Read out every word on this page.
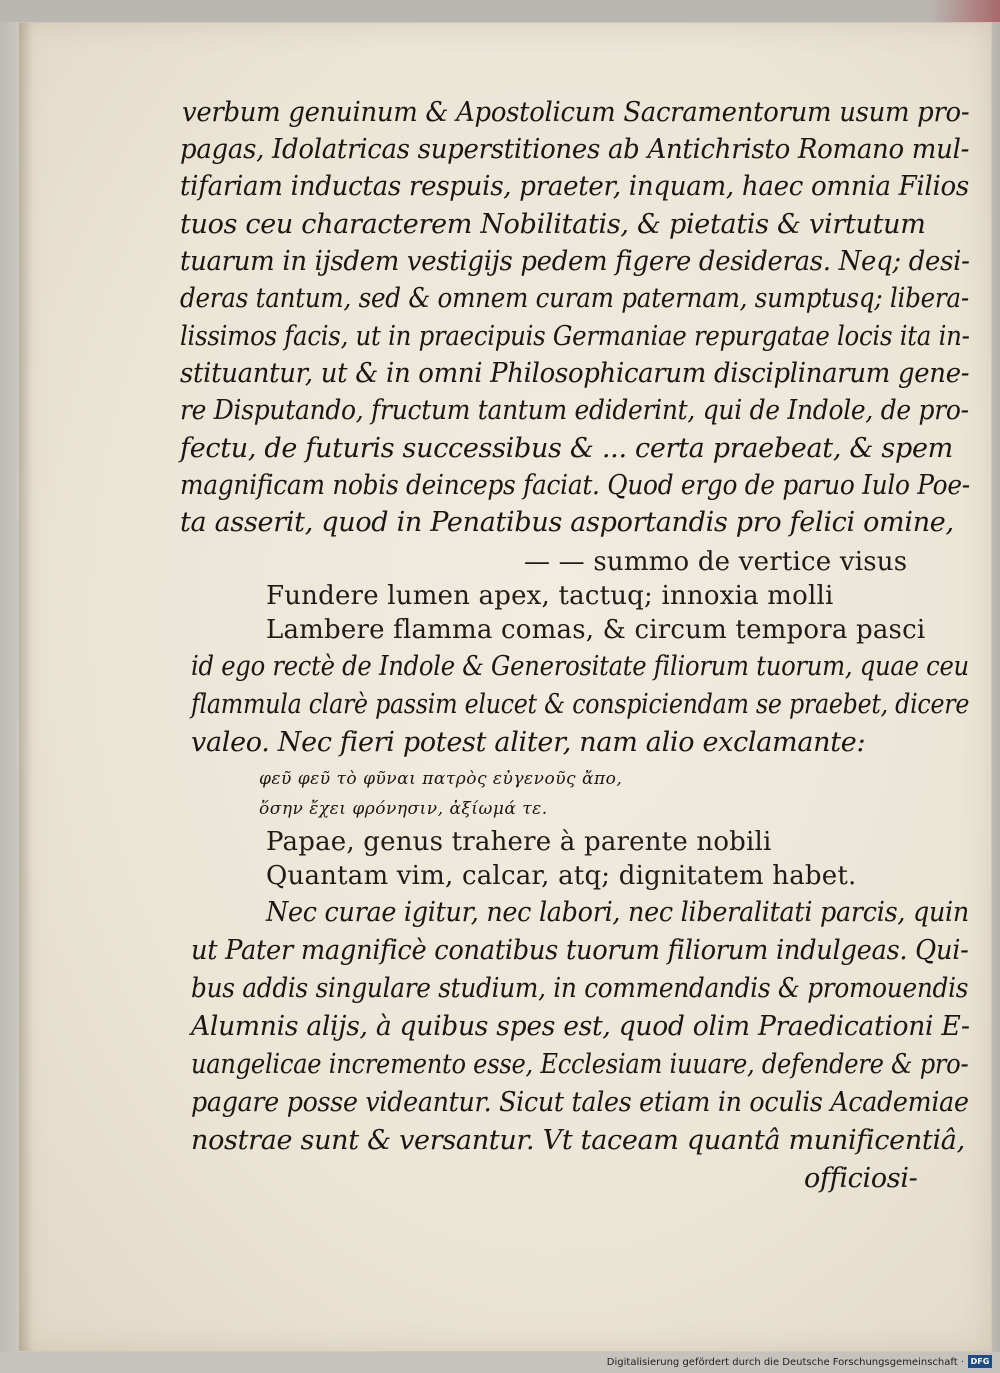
verbum genuinum & Apostolicum Sacramentorum usum pro-
pagas, Idolatricas superstitiones ab Antichristo Romano mul-
tifariam inductas respuis, praeter, inquam, haec omnia Filios
tuos ceu characterem Nobilitatis, & pietatis & virtutum
tuarum in ijsdem vestigijs pedem figere desideras. Neq; desi-
deras tantum, sed & omnem curam paternam, sumptusq; libera-
lissimos facis, ut in praecipuis Germaniae repurgatae locis ita in-
stituantur, ut & in omni Philosophicarum disciplinarum gene-
re Disputando, fructum tantum ediderint, qui de Indole, de pro-
fectu, de futuris successibus & ... certa praebeat, & spem
magnificam nobis deinceps faciat. Quod ergo de paruo Iulo Poe-
ta asserit, quod in Penatibus asportandis pro felici omine,
— — summo de vertice visus
Fundere lumen apex, tactuq; innoxia molli
Lambere flamma comas, & circum tempora pasci
id ego rectè de Indole & Generositate filiorum tuorum, quae ceu
flammula clarè passim elucet & conspiciendam se praebet, dicere
valeo. Nec fieri potest aliter, nam alio exclamante:
φεῦ φεῦ τὸ φῦναι πατρὸς εὐγενοῦς ἄπο,
ὅσην ἔχει φρόνησιν, ἀξίωμά τε.
Papae, genus trahere à parente nobili
Quantam vim, calcar, atq; dignitatem habet.
Nec curae igitur, nec labori, nec liberalitati parcis, quin
ut Pater magnificè conatibus tuorum filiorum indulgeas. Qui-
bus addis singulare studium, in commendandis & promouendis
Alumnis alijs, à quibus spes est, quod olim Praedicationi E-
uangelicae incremento esse, Ecclesiam iuuare, defendere & pro-
pagare posse videantur. Sicut tales etiam in oculis Academiae
nostrae sunt & versantur. Vt taceam quantâ munificentiâ,
officiosi-
Digitalisierung gefördert durch die Deutsche Forschungsgemeinschaft · DFG
